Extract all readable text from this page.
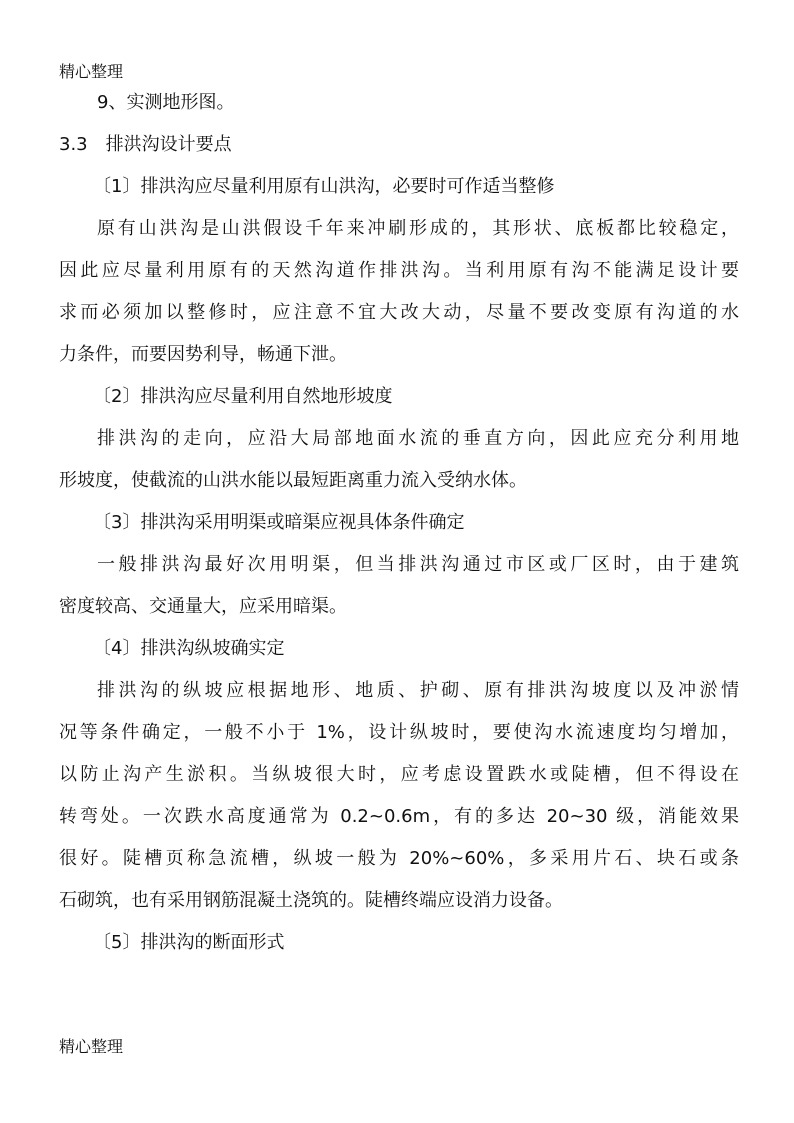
精心整理

9、实测地形图。

3.3　排洪沟设计要点

〔1〕排洪沟应尽量利用原有山洪沟，必要时可作适当整修

原有山洪沟是山洪假设千年来冲刷形成的，其形状、底板都比较稳定，

因此应尽量利用原有的天然沟道作排洪沟。当利用原有沟不能满足设计要

求而必须加以整修时，应注意不宜大改大动，尽量不要改变原有沟道的水

力条件，而要因势利导，畅通下泄。

〔2〕排洪沟应尽量利用自然地形坡度

排洪沟的走向，应沿大局部地面水流的垂直方向，因此应充分利用地

形坡度，使截流的山洪水能以最短距离重力流入受纳水体。

〔3〕排洪沟采用明渠或暗渠应视具体条件确定

一般排洪沟最好次用明渠，但当排洪沟通过市区或厂区时，由于建筑

密度较高、交通量大，应采用暗渠。

〔4〕排洪沟纵坡确实定

排洪沟的纵坡应根据地形、地质、护砌、原有排洪沟坡度以及冲淤情

况等条件确定，一般不小于 1%，设计纵坡时，要使沟水流速度均匀增加，

以防止沟产生淤积。当纵坡很大时，应考虑设置跌水或陡槽，但不得设在

转弯处。一次跌水高度通常为 0.2~0.6m，有的多达 20~30 级，消能效果

很好。陡槽页称急流槽，纵坡一般为 20%~60%，多采用片石、块石或条

石砌筑，也有采用钢筋混凝土浇筑的。陡槽终端应设消力设备。

〔5〕排洪沟的断面形式

精心整理
